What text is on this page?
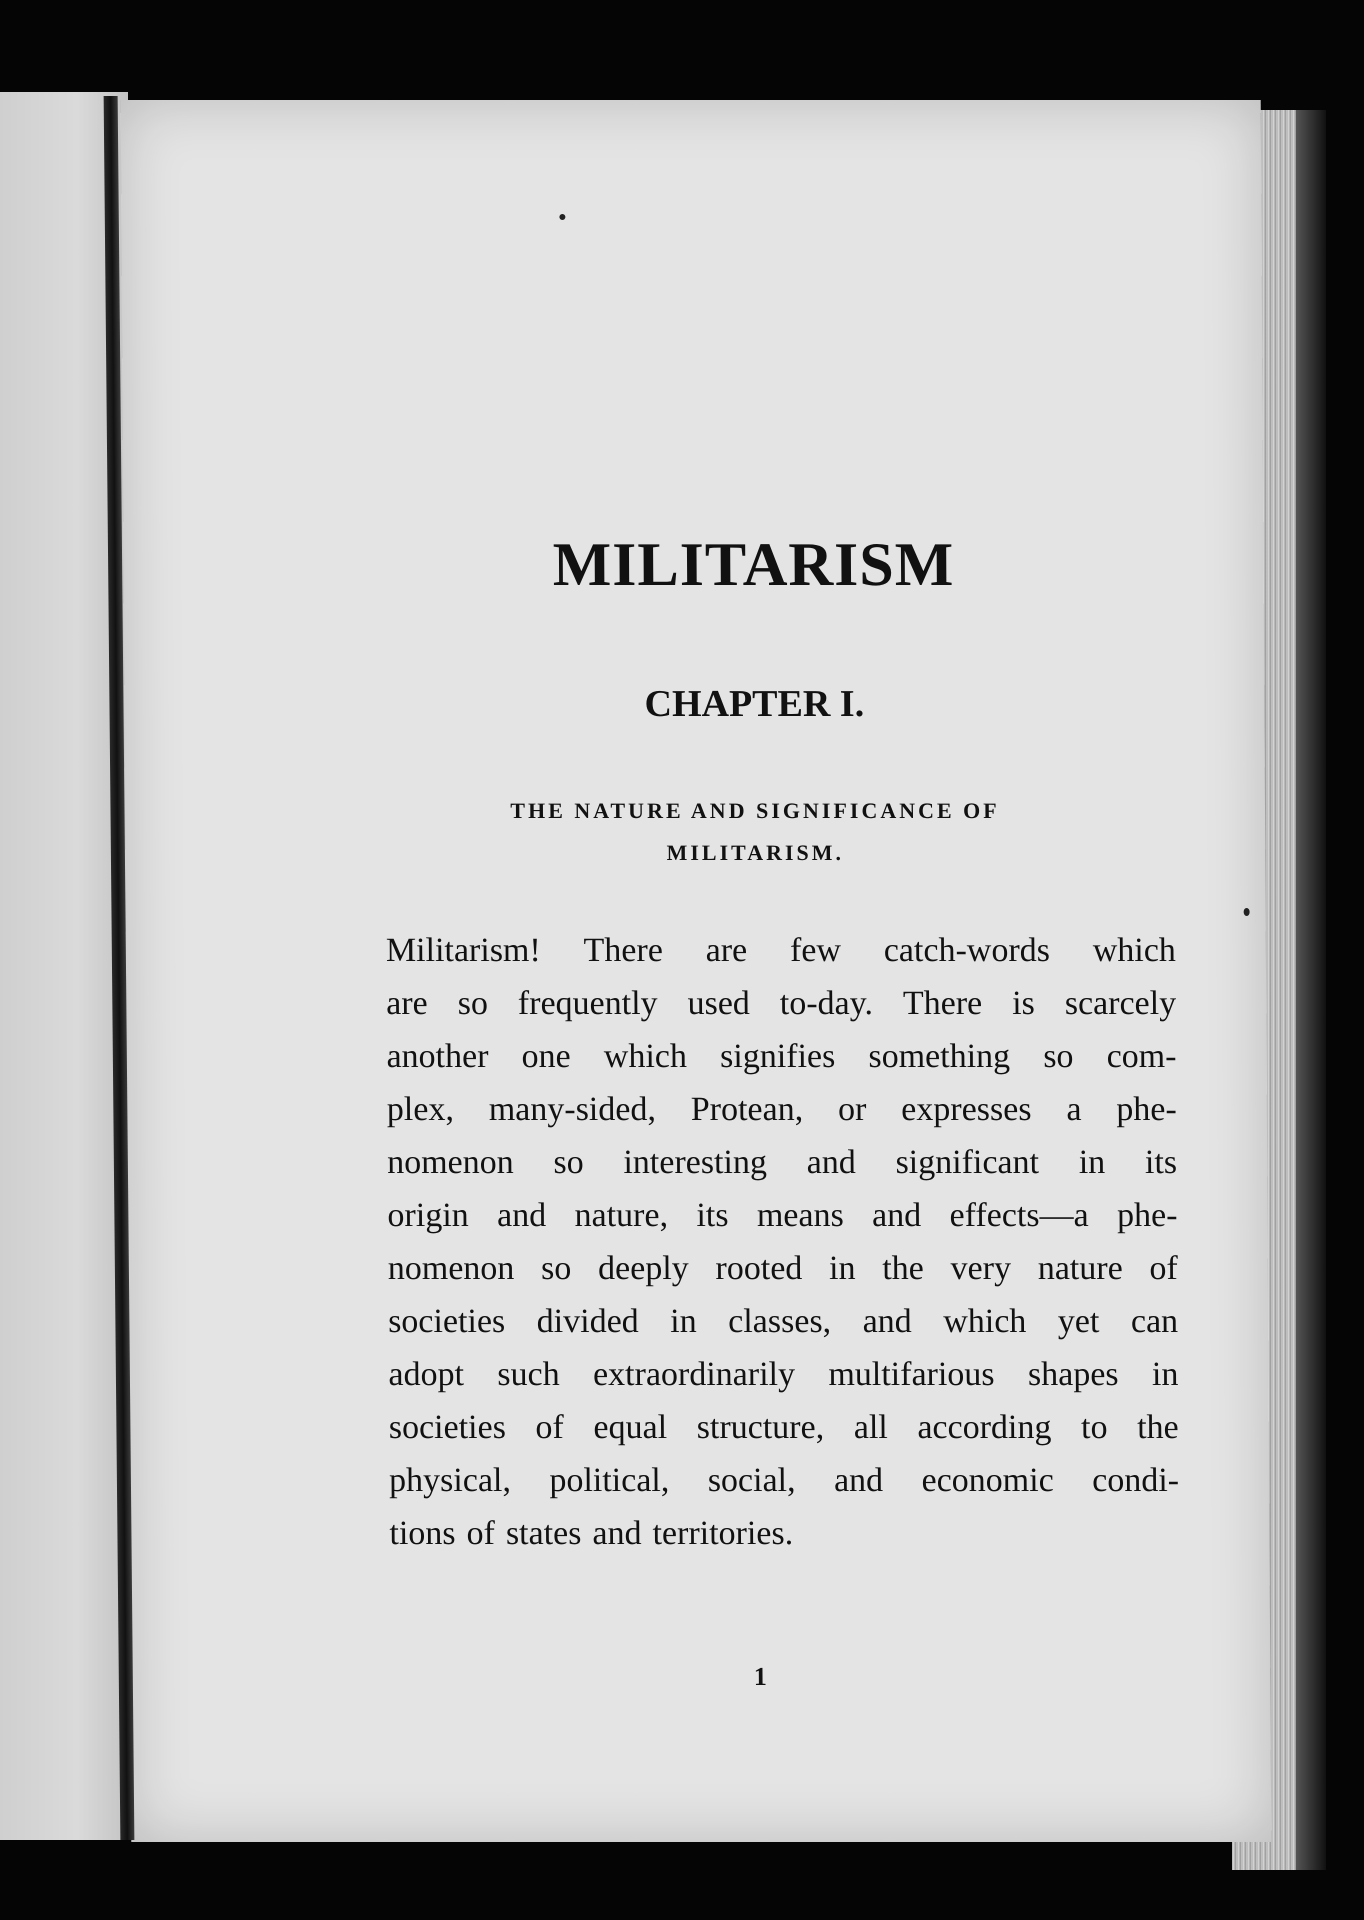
MILITARISM
CHAPTER I.
THE NATURE AND SIGNIFICANCE OF
MILITARISM.
Militarism! There are few catch-words which
are so frequently used to-day. There is scarcely
another one which signifies something so com-
plex, many-sided, Protean, or expresses a phe-
nomenon so interesting and significant in its
origin and nature, its means and effects—a phe-
nomenon so deeply rooted in the very nature of
societies divided in classes, and which yet can
adopt such extraordinarily multifarious shapes in
societies of equal structure, all according to the
physical, political, social, and economic condi-
tions of states and territories.
1
